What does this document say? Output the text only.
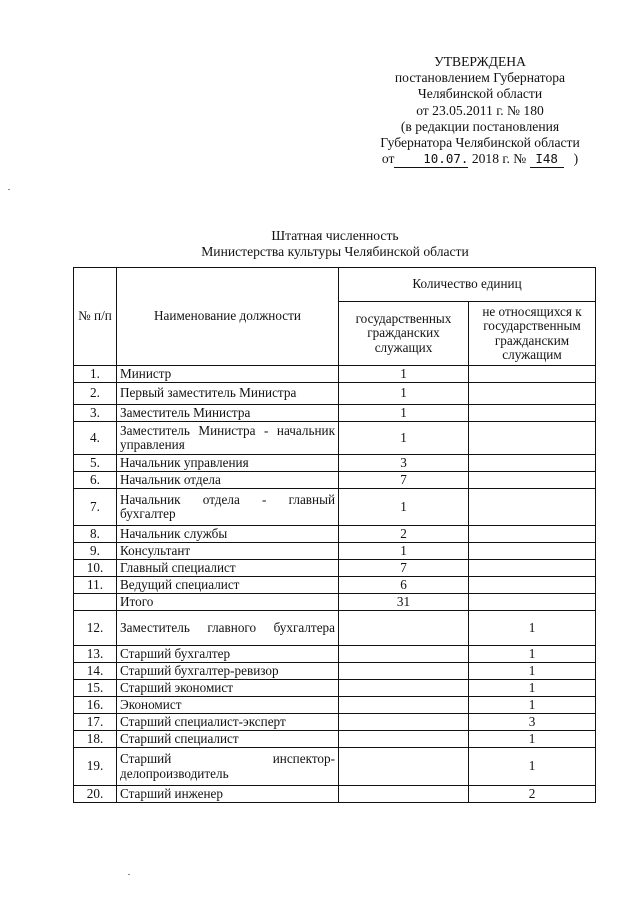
УТВЕРЖДЕНА
постановлением Губернатора
Челябинской области
от 23.05.2011 г. № 180
(в редакции постановления
Губернатора Челябинской области
от 10.07. 2018 г. № I48 )
Штатная численность
Министерства культуры Челябинской области
№ п/п	Наименование должности	Количество единиц	
		государственных гражданских служащих	не относящихся к государственным гражданским служащим
1.	Министр	1	
2.	Первый заместитель Министра	1	
3.	Заместитель Министра	1	
4.	Заместитель Министра - начальник управления	1	
5.	Начальник управления	3	
6.	Начальник отдела	7	
7.	Начальник отдела - главный бухгалтер	1	
8.	Начальник службы	2	
9.	Консультант	1	
10.	Главный специалист	7	
11.	Ведущий специалист	6	
	Итого	31	
12.	Заместитель главного бухгалтера		1
13.	Старший бухгалтер		1
14.	Старший бухгалтер-ревизор		1
15.	Старший экономист		1
16.	Экономист		1
17.	Старший специалист-эксперт		3
18.	Старший специалист		1
19.	Старший инспектор-делопроизводитель		1
20.	Старший инженер		2
